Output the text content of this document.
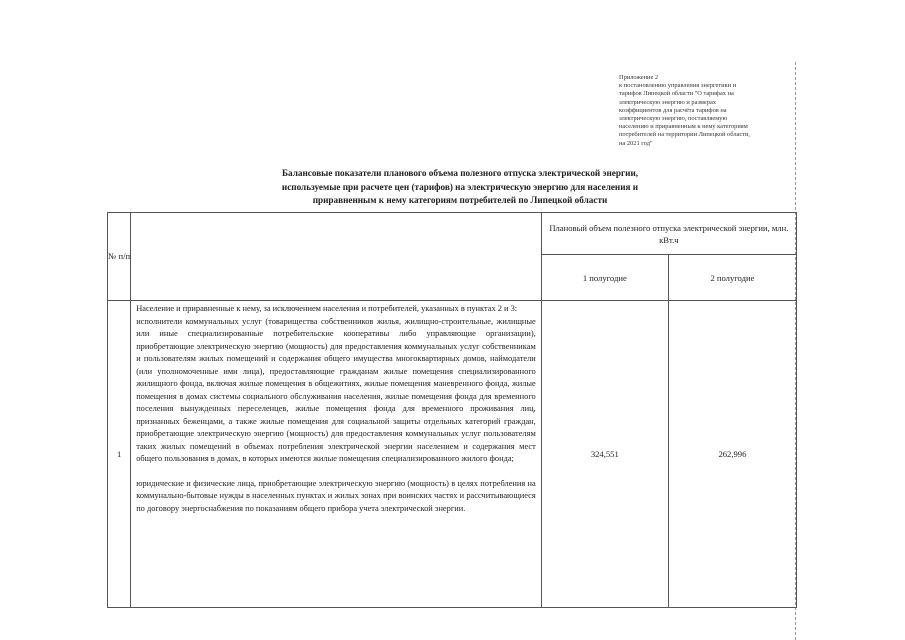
Приложение 2
к постановлению управления энергетики и
тарифов Липецкой области "О тарифах на
электрическую энергию и размерах
коэффициентов для расчёта тарифов на
электрическую энергию, поставляемую
населению и приравненным к нему категориям
потребителей на территории Липецкой области,
на 2021 год"
Балансовые показатели планового объема полезного отпуска электрической энергии,
используемые при расчете цен (тарифов) на электрическую энергию для населения и
приравненным к нему категориям потребителей по Липецкой области
№ п/п		Плановый объем полезного отпуска электрической энергии, млн. кВт.ч	
		1 полугодие	2 полугодие
1	Население и приравненные к нему, за исключением населения и потребителей, указанных в пунктах 2 и 3:

исполнители коммунальных услуг (товарищества собственников жилья, жилищно-строительные, жилищные или иные специализированные потребительские кооперативы либо управляющие организации), приобретающие электрическую энергию (мощность) для предоставления коммунальных услуг собственникам и пользователям жилых помещений и содержания общего имущества многоквартирных домов, наймодатели (или уполномоченные ими лица), предоставляющие гражданам жилые помещения специализированного жилищного фонда, включая жилые помещения в общежитиях, жилые помещения маневренного фонда, жилые помещения в домах системы социального обслуживания населения, жилые помещения фонда для временного поселения вынужденных переселенцев, жилые помещения фонда для временного проживания лиц, признанных беженцами, а также жилые помещения для социальной защиты отдельных категорий граждан, приобретающие электрическую энергию (мощность) для предоставления коммунальных услуг пользователям таких жилых помещений в объемах потребления электрической энергии населением и содержания мест общего пользования в домах, в которых имеются жилые помещения специализированного жилого фонда;

юридические и физические лица, приобретающие электрическую энергию (мощность) в целях потребления на коммунально-бытовые нужды в населенных пунктах и жилых зонах при воинских частях и рассчитывающиеся по договору энергоснабжения по показаниям общего прибора учета электрической энергии.	324,551	262,996
